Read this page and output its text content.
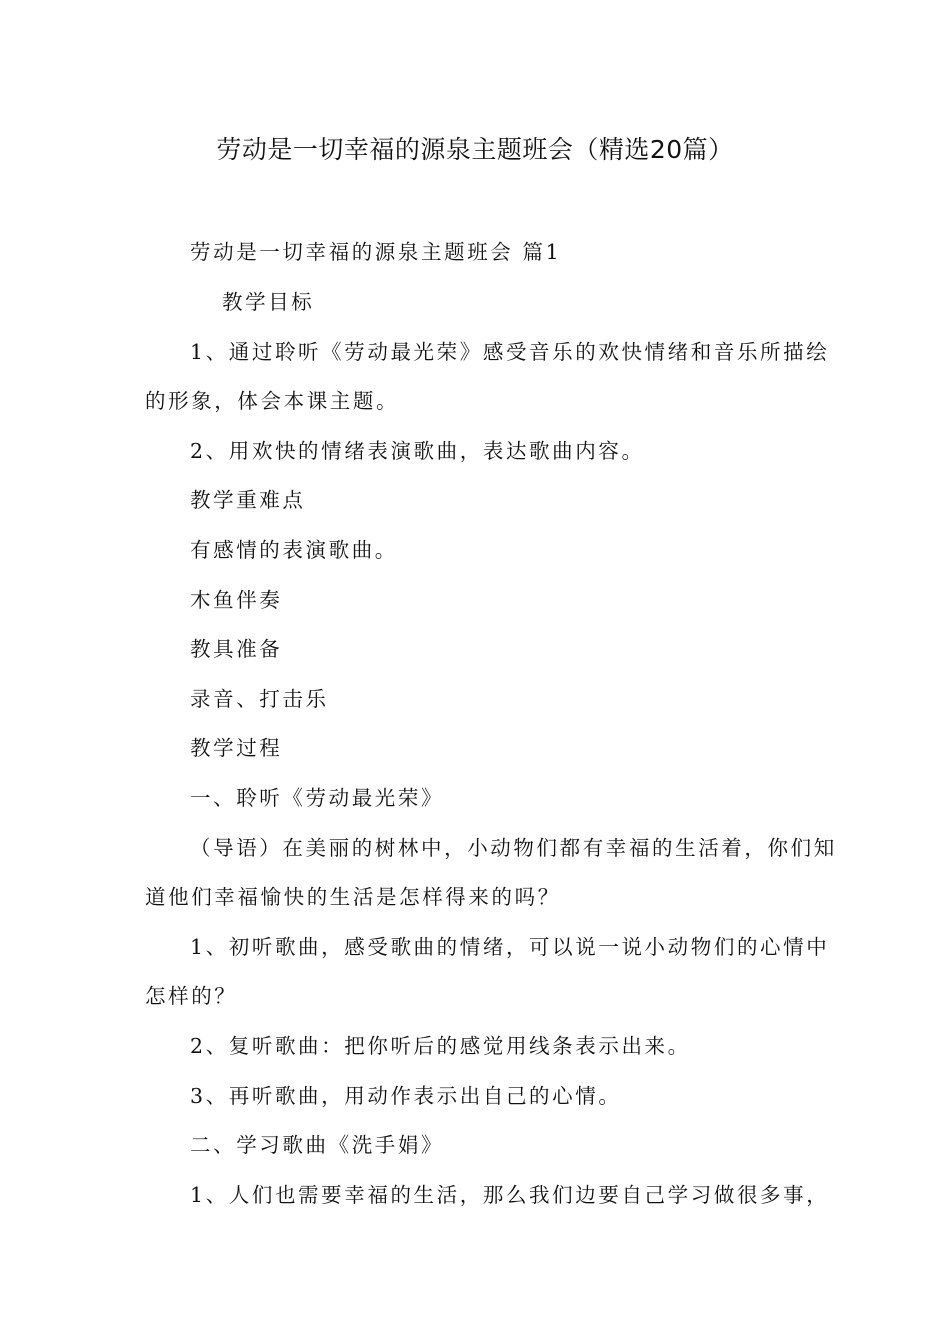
劳动是一切幸福的源泉主题班会（精选20篇）

劳动是一切幸福的源泉主题班会 篇1

教学目标

1、通过聆听《劳动最光荣》感受音乐的欢快情绪和音乐所描绘

的形象，体会本课主题。

2、用欢快的情绪表演歌曲，表达歌曲内容。

教学重难点

有感情的表演歌曲。

木鱼伴奏

教具准备

录音、打击乐

教学过程

一、聆听《劳动最光荣》

（导语）在美丽的树林中，小动物们都有幸福的生活着，你们知

道他们幸福愉快的生活是怎样得来的吗？

1、初听歌曲，感受歌曲的情绪，可以说一说小动物们的心情中

怎样的？

2、复听歌曲：把你听后的感觉用线条表示出来。

3、再听歌曲，用动作表示出自己的心情。

二、学习歌曲《洗手娟》

1、人们也需要幸福的生活，那么我们边要自己学习做很多事，
